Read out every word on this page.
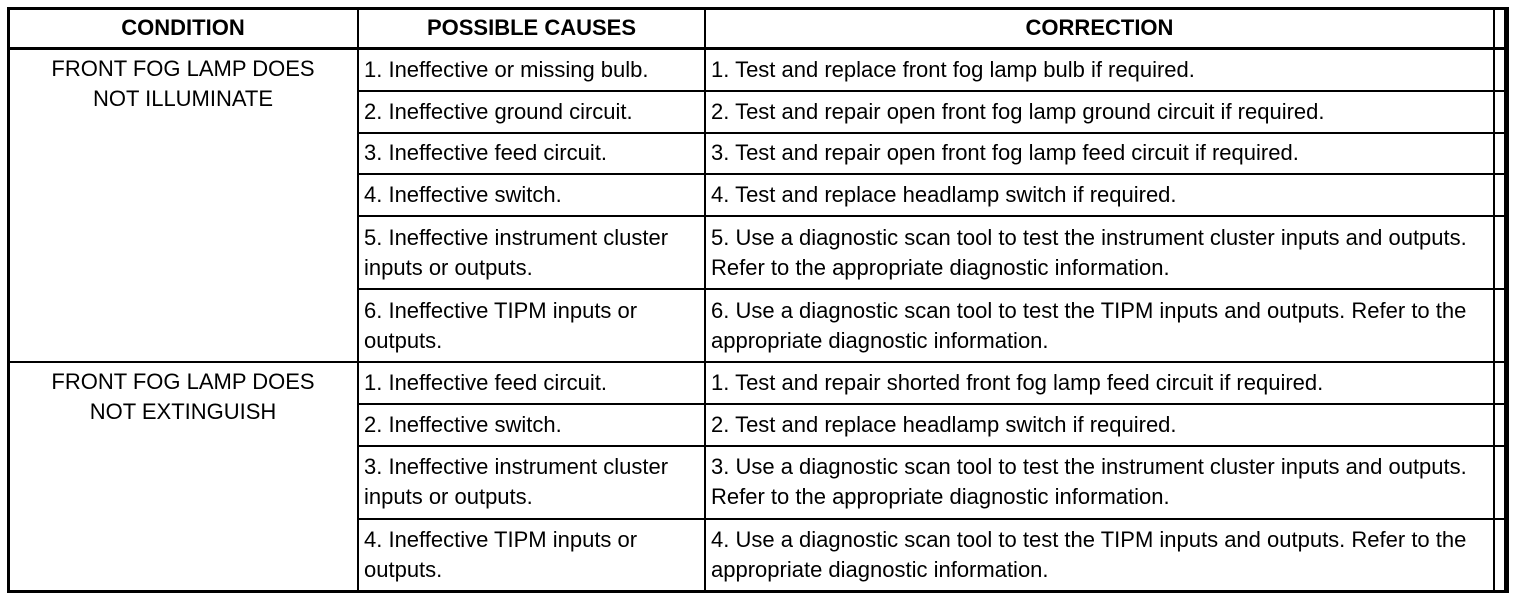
CONDITION	POSSIBLE CAUSES	CORRECTION	

FRONT FOG LAMP DOES
NOT ILLUMINATE	1. Ineffective or missing bulb.	1. Test and replace front fog lamp bulb if required.	
	2. Ineffective ground circuit.	2. Test and repair open front fog lamp ground circuit if required.	
	3. Ineffective feed circuit.	3. Test and repair open front fog lamp feed circuit if required.	
	4. Ineffective switch.	4. Test and replace headlamp switch if required.	
	5. Ineffective instrument cluster inputs or outputs.	5. Use a diagnostic scan tool to test the instrument cluster inputs and outputs. Refer to the appropriate diagnostic information.	
	6. Ineffective TIPM inputs or outputs.	6. Use a diagnostic scan tool to test the TIPM inputs and outputs. Refer to the appropriate diagnostic information.	

FRONT FOG LAMP DOES
NOT EXTINGUISH	1. Ineffective feed circuit.	1. Test and repair shorted front fog lamp feed circuit if required.	
	2. Ineffective switch.	2. Test and replace headlamp switch if required.	
	3. Ineffective instrument cluster inputs or outputs.	3. Use a diagnostic scan tool to test the instrument cluster inputs and outputs. Refer to the appropriate diagnostic information.	
	4. Ineffective TIPM inputs or outputs.	4. Use a diagnostic scan tool to test the TIPM inputs and outputs. Refer to the appropriate diagnostic information.	
